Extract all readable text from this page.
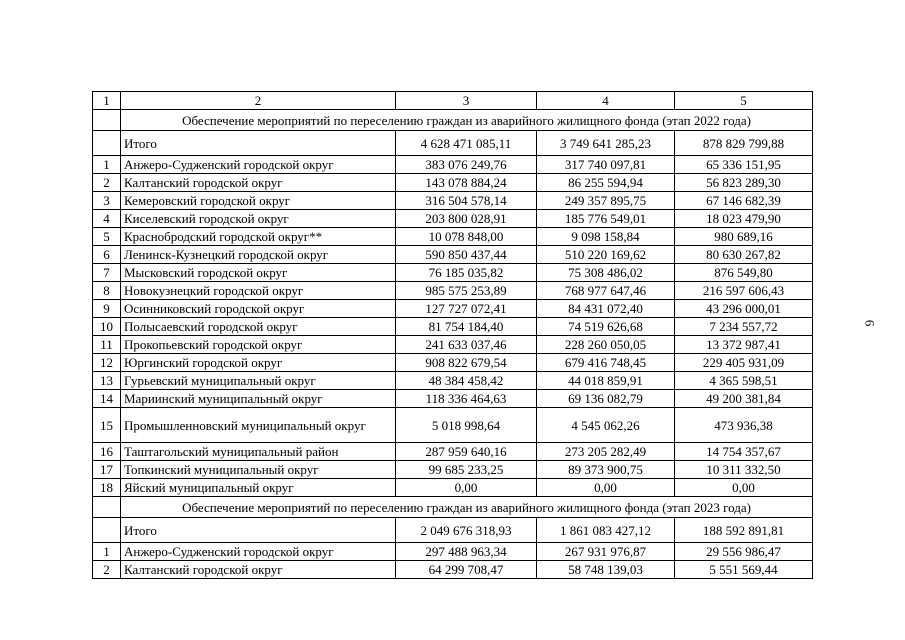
1	2	3	4	5
	Обеспечение мероприятий по переселению граждан из аварийного жилищного фонда (этап 2022 года)			
	Итого	4 628 471 085,11	3 749 641 285,23	878 829 799,88
1	Анжеро-Судженский городской округ	383 076 249,76	317 740 097,81	65 336 151,95
2	Калтанский городской округ	143 078 884,24	86 255 594,94	56 823 289,30
3	Кемеровский городской округ	316 504 578,14	249 357 895,75	67 146 682,39
4	Киселевский городской округ	203 800 028,91	185 776 549,01	18 023 479,90
5	Краснобродский городской округ**	10 078 848,00	9 098 158,84	980 689,16
6	Ленинск-Кузнецкий городской округ	590 850 437,44	510 220 169,62	80 630 267,82
7	Мысковский городской округ	76 185 035,82	75 308 486,02	876 549,80
8	Новокузнецкий городской округ	985 575 253,89	768 977 647,46	216 597 606,43
9	Осинниковский городской округ	127 727 072,41	84 431 072,40	43 296 000,01
10	Полысаевский городской округ	81 754 184,40	74 519 626,68	7 234 557,72
11	Прокопьевский городской округ	241 633 037,46	228 260 050,05	13 372 987,41
12	Юргинский городской округ	908 822 679,54	679 416 748,45	229 405 931,09
13	Гурьевский муниципальный округ	48 384 458,42	44 018 859,91	4 365 598,51
14	Мариинский муниципальный округ	118 336 464,63	69 136 082,79	49 200 381,84
15	Промышленновский муниципальный округ	5 018 998,64	4 545 062,26	473 936,38
16	Таштагольский муниципальный район	287 959 640,16	273 205 282,49	14 754 357,67
17	Топкинский муниципальный округ	99 685 233,25	89 373 900,75	10 311 332,50
18	Яйский муниципальный округ	0,00	0,00	0,00
	Обеспечение мероприятий по переселению граждан из аварийного жилищного фонда (этап 2023 года)			
	Итого	2 049 676 318,93	1 861 083 427,12	188 592 891,81
1	Анжеро-Судженский городской округ	297 488 963,34	267 931 976,87	29 556 986,47
2	Калтанский городской округ	64 299 708,47	58 748 139,03	5 551 569,44
6
